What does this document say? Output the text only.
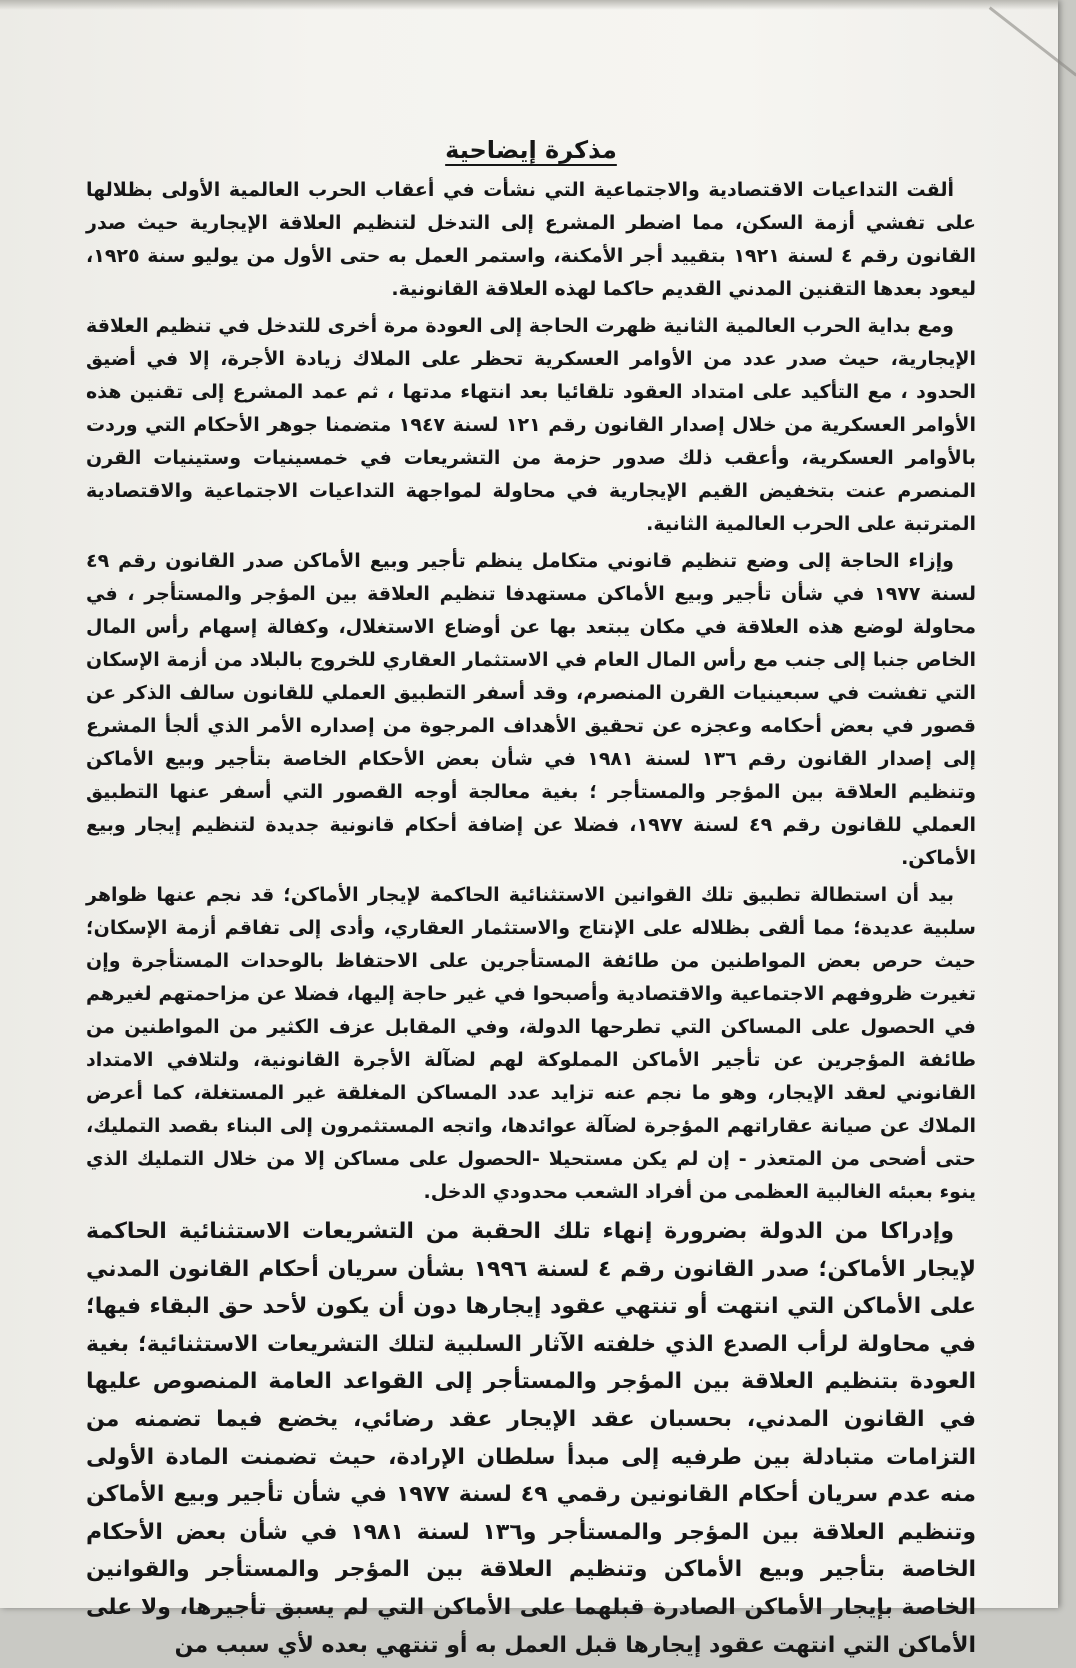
مذكرة إيضاحية

ألقت التداعيات الاقتصادية والاجتماعية التي نشأت في أعقاب الحرب العالمية الأولى بظلالها على تفشي أزمة السكن، مما اضطر المشرع إلى التدخل لتنظيم العلاقة الإيجارية حيث صدر القانون رقم ٤ لسنة ١٩٢١ بتقييد أجر الأمكنة، واستمر العمل به حتى الأول من يوليو سنة ١٩٢٥، ليعود بعدها التقنين المدني القديم حاكما لهذه العلاقة القانونية.

ومع بداية الحرب العالمية الثانية ظهرت الحاجة إلى العودة مرة أخرى للتدخل في تنظيم العلاقة الإيجارية، حيث صدر عدد من الأوامر العسكرية تحظر على الملاك زيادة الأجرة، إلا في أضيق الحدود ، مع التأكيد على امتداد العقود تلقائيا بعد انتهاء مدتها ، ثم عمد المشرع إلى تقنين هذه الأوامر العسكرية من خلال إصدار القانون رقم ١٢١ لسنة ١٩٤٧ متضمنا جوهر الأحكام التي وردت بالأوامر العسكرية، وأعقب ذلك صدور حزمة من التشريعات في خمسينيات وستينيات القرن المنصرم عنت بتخفيض القيم الإيجارية في محاولة لمواجهة التداعيات الاجتماعية والاقتصادية المترتبة على الحرب العالمية الثانية.

وإزاء الحاجة إلى وضع تنظيم قانوني متكامل ينظم تأجير وبيع الأماكن صدر القانون رقم ٤٩ لسنة ١٩٧٧ في شأن تأجير وبيع الأماكن مستهدفا تنظيم العلاقة بين المؤجر والمستأجر ، في محاولة لوضع هذه العلاقة في مكان يبتعد بها عن أوضاع الاستغلال، وكفالة إسهام رأس المال الخاص جنبا إلى جنب مع رأس المال العام في الاستثمار العقاري للخروج بالبلاد من أزمة الإسكان التي تفشت في سبعينيات القرن المنصرم، وقد أسفر التطبيق العملي للقانون سالف الذكر عن قصور في بعض أحكامه وعجزه عن تحقيق الأهداف المرجوة من إصداره الأمر الذي ألجأ المشرع إلى إصدار القانون رقم ١٣٦ لسنة ١٩٨١ في شأن بعض الأحكام الخاصة بتأجير وبيع الأماكن وتنظيم العلاقة بين المؤجر والمستأجر ؛ بغية معالجة أوجه القصور التي أسفر عنها التطبيق العملي للقانون رقم ٤٩ لسنة ١٩٧٧، فضلا عن إضافة أحكام قانونية جديدة لتنظيم إيجار وبيع الأماكن.

بيد أن استطالة تطبيق تلك القوانين الاستثنائية الحاكمة لإيجار الأماكن؛ قد نجم عنها ظواهر سلبية عديدة؛ مما ألقى بظلاله على الإنتاج والاستثمار العقاري، وأدى إلى تفاقم أزمة الإسكان؛ حيث حرص بعض المواطنين من طائفة المستأجرين على الاحتفاظ بالوحدات المستأجرة وإن تغيرت ظروفهم الاجتماعية والاقتصادية وأصبحوا في غير حاجة إليها، فضلا عن مزاحمتهم لغيرهم في الحصول على المساكن التي تطرحها الدولة، وفي المقابل عزف الكثير من المواطنين من طائفة المؤجرين عن تأجير الأماكن المملوكة لهم لضآلة الأجرة القانونية، ولتلافي الامتداد القانوني لعقد الإيجار، وهو ما نجم عنه تزايد عدد المساكن المغلقة غير المستغلة، كما أعرض الملاك عن صيانة عقاراتهم المؤجرة لضآلة عوائدها، واتجه المستثمرون إلى البناء بقصد التمليك، حتى أضحى من المتعذر - إن لم يكن مستحيلا -الحصول على مساكن إلا من خلال التمليك الذي ينوء بعبئه الغالبية العظمى من أفراد الشعب محدودي الدخل.

وإدراكا من الدولة بضرورة إنهاء تلك الحقبة من التشريعات الاستثنائية الحاكمة لإيجار الأماكن؛ صدر القانون رقم ٤ لسنة ١٩٩٦ بشأن سريان أحكام القانون المدني على الأماكن التي انتهت أو تنتهي عقود إيجارها دون أن يكون لأحد حق البقاء فيها؛ في محاولة لرأب الصدع الذي خلفته الآثار السلبية لتلك التشريعات الاستثنائية؛ بغية العودة بتنظيم العلاقة بين المؤجر والمستأجر إلى القواعد العامة المنصوص عليها في القانون المدني، بحسبان عقد الإيجار عقد رضائي، يخضع فيما تضمنه من التزامات متبادلة بين طرفيه إلى مبدأ سلطان الإرادة، حيث تضمنت المادة الأولى منه عدم سريان أحكام القانونين رقمي ٤٩ لسنة ١٩٧٧ في شأن تأجير وبيع الأماكن وتنظيم العلاقة بين المؤجر والمستأجر و١٣٦ لسنة ١٩٨١ في شأن بعض الأحكام الخاصة بتأجير وبيع الأماكن وتنظيم العلاقة بين المؤجر والمستأجر والقوانين الخاصة بإيجار الأماكن الصادرة قبلهما على الأماكن التي لم يسبق تأجيرها، ولا على الأماكن التي انتهت عقود إيجارها قبل العمل به أو تنتهي بعده لأي سبب من
